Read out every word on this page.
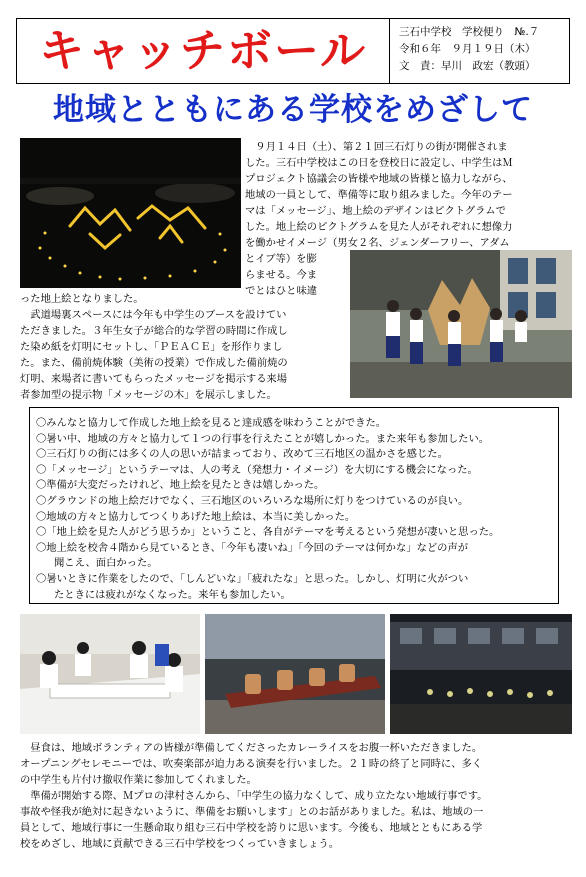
キャッチボール	三石中学校　学校便り　№.７
令和６年　９月１９日（木）
文　責：早川　政宏（教頭）
地域とともにある学校をめざして
　９月１４日（土）、第２１回三石灯りの街が開催されま
した。三石中学校はこの日を登校日に設定し、中学生はＭ
プロジェクト協議会の皆様や地域の皆様と協力しながら、
地域の一員として、準備等に取り組みました。今年のテー
マは「メッセージ」、地上絵のデザインはピクトグラムで
した。地上絵のピクトグラムを見た人がそれぞれに想像力
を働かせイメージ（男女２名、ジェンダーフリー、アダム
とイブ等）を膨
らませる。今ま
でとはひと味違
った地上絵となりました。
　武道場裏スペースには今年も中学生のブースを設けてい
ただきました。３年生女子が総合的な学習の時間に作成し
た染め紙を灯明にセットし、「ＰＥＡＣＥ」を形作りまし
た。また、備前焼体験（美術の授業）で作成した備前焼の
灯明、来場者に書いてもらったメッセージを掲示する来場
者参加型の提示物「メッセージの木」を展示しました。
〇みんなと協力して作成した地上絵を見ると達成感を味わうことができた。
〇暑い中、地域の方々と協力して１つの行事を行えたことが嬉しかった。また来年も参加したい。
〇三石灯りの街には多くの人の思いが詰まっており、改めて三石地区の温かさを感じた。
〇「メッセージ」というテーマは、人の考え（発想力・イメージ）を大切にする機会になった。
〇準備が大変だったけれど、地上絵を見たときは嬉しかった。
〇グラウンドの地上絵だけでなく、三石地区のいろいろな場所に灯りをつけているのが良い。
〇地域の方々と協力してつくりあげた地上絵は、本当に美しかった。
〇「地上絵を見た人がどう思うか」ということ、各自がテーマを考えるという発想が凄いと思った。
〇地上絵を校舎４階から見ているとき、「今年も凄いね」「今回のテーマは何かな」などの声が
聞こえ、面白かった。
〇暑いときに作業をしたので、「しんどいな」「疲れたな」と思った。しかし、灯明に火がつい
たときには疲れがなくなった。来年も参加したい。
　昼食は、地域ボランティアの皆様が準備してくださったカレーライスをお腹一杯いただきました。
オープニングセレモニーでは、吹奏楽部が迫力ある演奏を行いました。２１時の終了と同時に、多く
の中学生も片付け撤収作業に参加してくれました。
　準備が開始する際、Ｍプロの津村さんから、「中学生の協力なくして、成り立たない地域行事です。
事故や怪我が絶対に起きないように、準備をお願いします」とのお話がありました。私は、地域の一
員として、地域行事に一生懸命取り組む三石中学校を誇りに思います。今後も、地域とともにある学
校をめざし、地域に貢献できる三石中学校をつくっていきましょう。
